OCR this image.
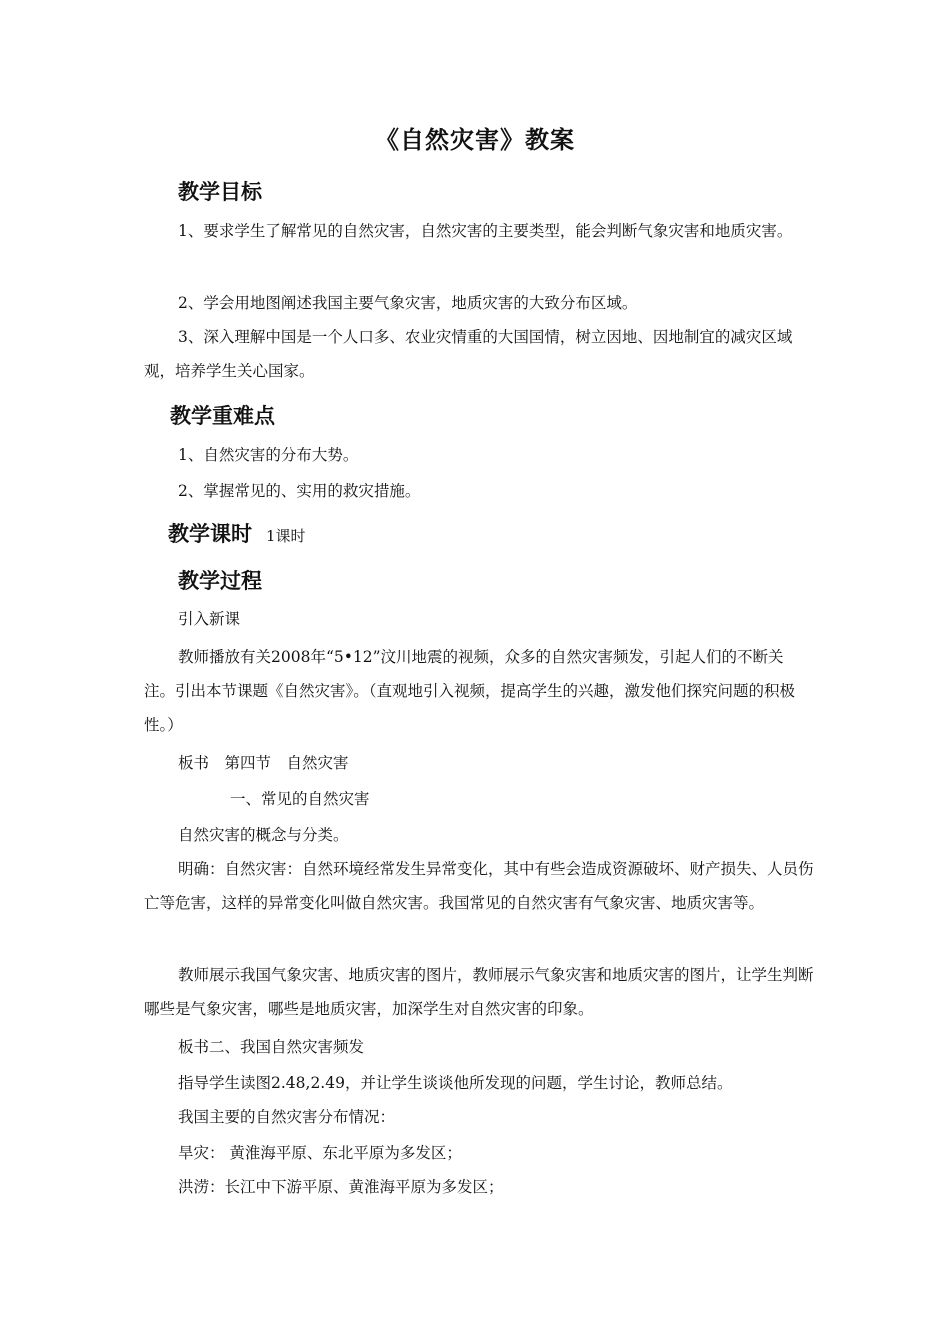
《自然灾害》教案
教学目标

1、要求学生了解常见的自然灾害，自然灾害的主要类型，能会判断气象灾害和地质灾害。

2、学会用地图阐述我国主要气象灾害，地质灾害的大致分布区域。

3、深入理解中国是一个人口多、农业灾情重的大国国情，树立因地、因地制宜的减灾区域观，培养学生关心国家。

教学重难点

1、自然灾害的分布大势。

2、掌握常见的、实用的救灾措施。

教学课时 1课时
教学过程

引入新课

教师播放有关2008年“5•12”汶川地震的视频，众多的自然灾害频发，引起人们的不断关注。引出本节课题《自然灾害》。（直观地引入视频，提高学生的兴趣，激发他们探究问题的积极性。）

板书　第四节　自然灾害

一、常见的自然灾害

自然灾害的概念与分类。

明确：自然灾害：自然环境经常发生异常变化，其中有些会造成资源破坏、财产损失、人员伤亡等危害，这样的异常变化叫做自然灾害。我国常见的自然灾害有气象灾害、地质灾害等。

教师展示我国气象灾害、地质灾害的图片，教师展示气象灾害和地质灾害的图片，让学生判断哪些是气象灾害，哪些是地质灾害，加深学生对自然灾害的印象。

板书二、我国自然灾害频发

指导学生读图2.48,2.49，并让学生谈谈他所发现的问题，学生讨论，教师总结。

我国主要的自然灾害分布情况：

旱灾： 黄淮海平原、东北平原为多发区；

洪涝：长江中下游平原、黄淮海平原为多发区；
